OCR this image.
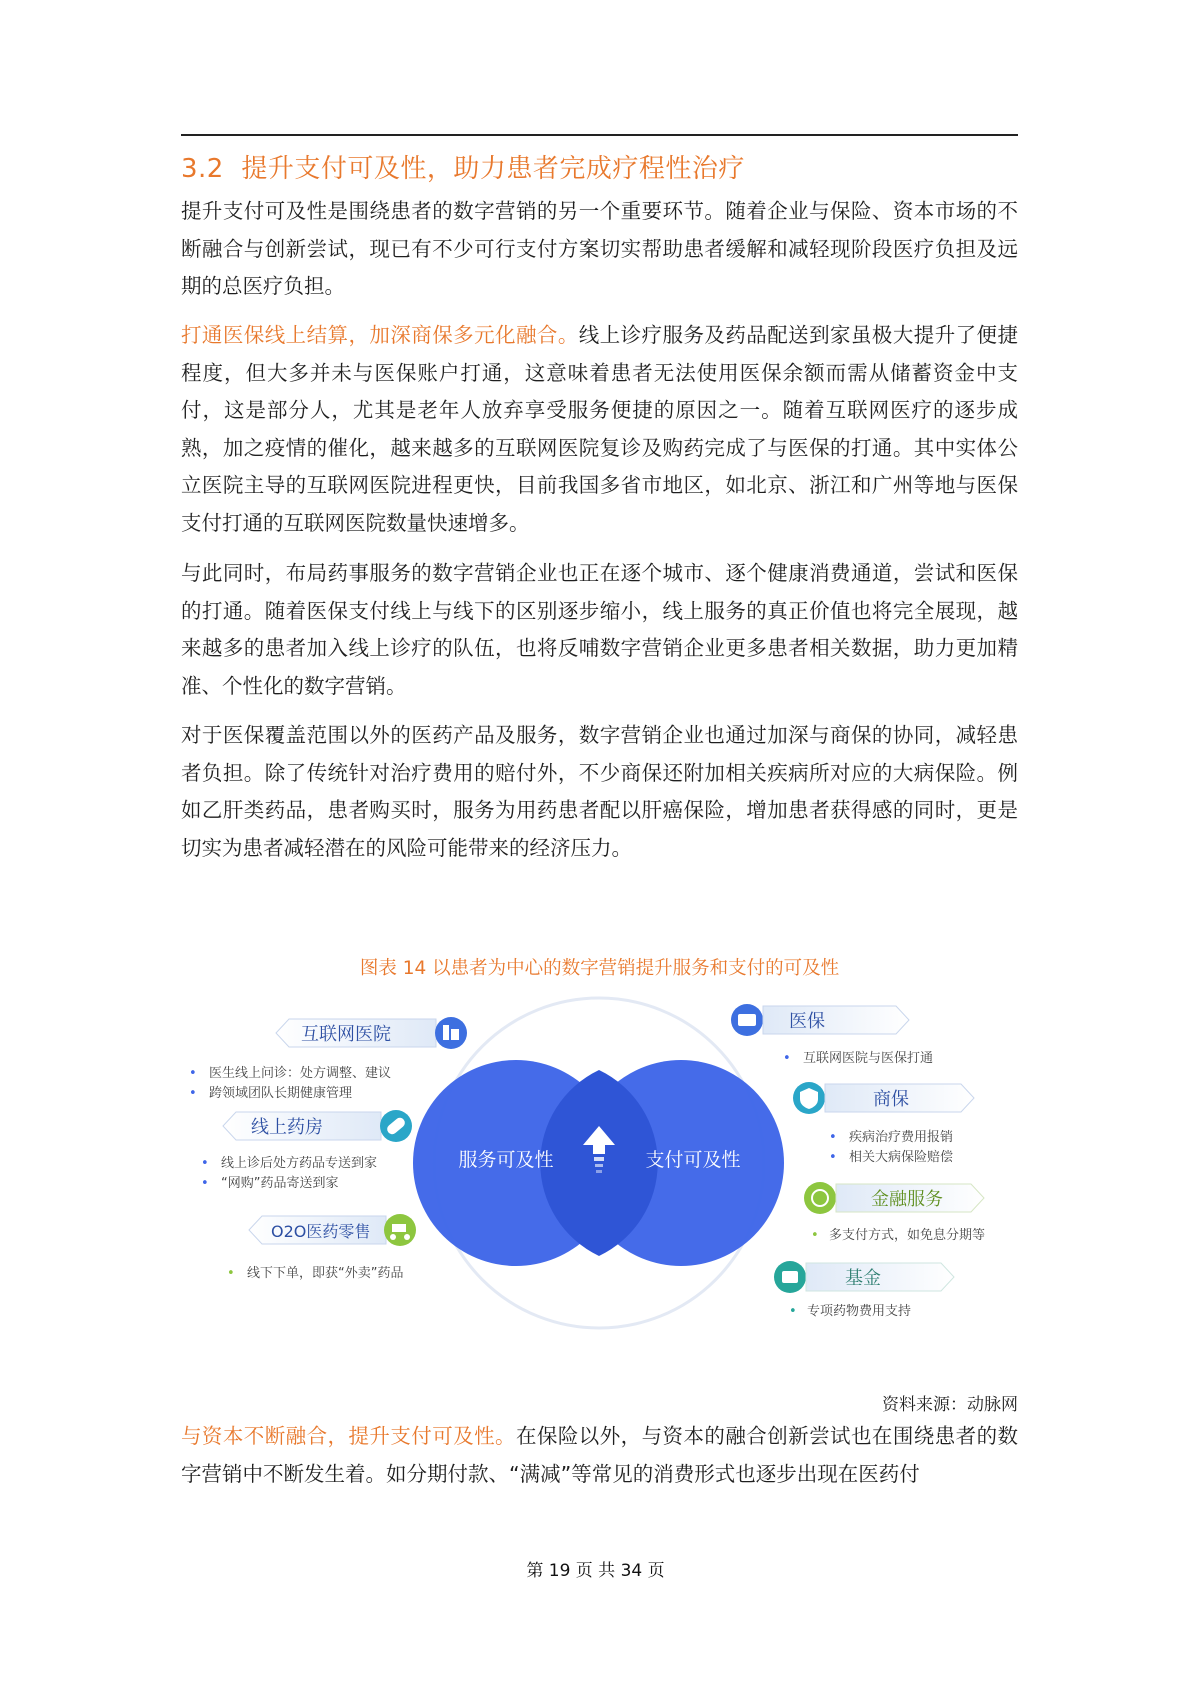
3.2 提升支付可及性，助力患者完成疗程性治疗

提升支付可及性是围绕患者的数字营销的另一个重要环节。随着企业与保险、资本市场的不断融合与创新尝试，现已有不少可行支付方案切实帮助患者缓解和减轻现阶段医疗负担及远期的总医疗负担。

打通医保线上结算，加深商保多元化融合。线上诊疗服务及药品配送到家虽极大提升了便捷程度，但大多并未与医保账户打通，这意味着患者无法使用医保余额而需从储蓄资金中支付，这是部分人，尤其是老年人放弃享受服务便捷的原因之一。随着互联网医疗的逐步成熟，加之疫情的催化，越来越多的互联网医院复诊及购药完成了与医保的打通。其中实体公立医院主导的互联网医院进程更快，目前我国多省市地区，如北京、浙江和广州等地与医保支付打通的互联网医院数量快速增多。

与此同时，布局药事服务的数字营销企业也正在逐个城市、逐个健康消费通道，尝试和医保的打通。随着医保支付线上与线下的区别逐步缩小，线上服务的真正价值也将完全展现，越来越多的患者加入线上诊疗的队伍，也将反哺数字营销企业更多患者相关数据，助力更加精准、个性化的数字营销。

对于医保覆盖范围以外的医药产品及服务，数字营销企业也通过加深与商保的协同，减轻患者负担。除了传统针对治疗费用的赔付外，不少商保还附加相关疾病所对应的大病保险。例如乙肝类药品，患者购买时，服务为用药患者配以肝癌保险，增加患者获得感的同时，更是切实为患者减轻潜在的风险可能带来的经济压力。

图表 14 以患者为中心的数字营销提升服务和支付的可及性
服务可及性	支付可及性
互联网医院
• 医生线上问诊：处方调整、建议
• 跨领域团队长期健康管理
线上药房
• 线上诊后处方药品专送到家
• “网购”药品寄送到家
O2O医药零售
• 线下下单，即获“外卖”药品
医保
• 互联网医院与医保打通
商保
• 疾病治疗费用报销
• 相关大病保险赔偿
金融服务
• 多支付方式，如免息分期等
基金
• 专项药物费用支持
资料来源：动脉网

与资本不断融合，提升支付可及性。在保险以外，与资本的融合创新尝试也在围绕患者的数字营销中不断发生着。如分期付款、“满减”等常见的消费形式也逐步出现在医药付

第 19 页 共 34 页
